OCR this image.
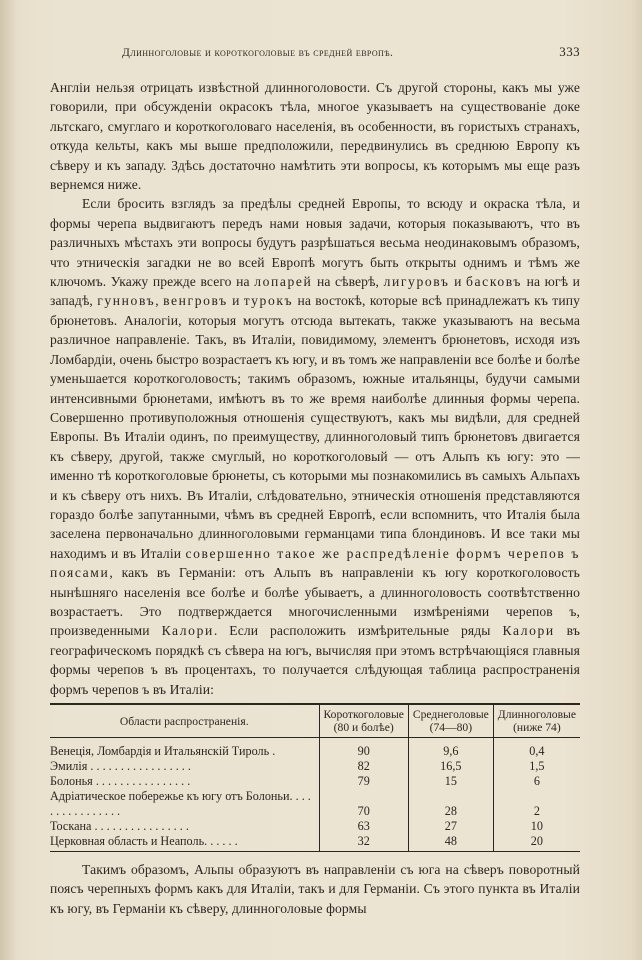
Длинноголовые и короткоголовые въ средней европѣ.	333

Англіи нельзя отрицать извѣстной длинноголовости. Съ другой стороны, какъ мы уже говорили, при обсужденіи окрасокъ тѣла, многое указываетъ на существованіе доке льтскаго, смуглаго и короткоголоваго населенія, въ особенности, въ гористыхъ странахъ, откуда кельты, какъ мы выше предположили, передвинулись въ среднюю Европу къ сѣверу и къ западу. Здѣсь достаточно намѣтить эти вопросы, къ которымъ мы еще разъ вернемся ниже.

Если бросить взглядъ за предѣлы средней Европы, то всюду и окраска тѣла, и формы черепа выдвигаютъ передъ нами новыя задачи, которыя показываютъ, что въ различныхъ мѣстахъ эти вопросы будутъ разрѣшаться весьма неодинаковымъ образомъ, что этническія загадки не во всей Европѣ могутъ быть открыты однимъ и тѣмъ же ключомъ. Укажу прежде всего на лопарей на сѣверѣ, лигуровъ и басковъ на югѣ и западѣ, гунновъ, венгровъ и турокъ на востокѣ, которые всѣ принадлежатъ къ типу брюнетовъ. Аналогіи, которыя могутъ отсюда вытекать, также указываютъ на весьма различное направленіе. Такъ, въ Италіи, повидимому, элементъ брюнетовъ, исходя изъ Ломбардіи, очень быстро возрастаетъ къ югу, и въ томъ же направленіи все болѣе и болѣе уменьшается короткоголовость; такимъ образомъ, южные итальянцы, будучи самыми интенсивными брюнетами, имѣютъ въ то же время наиболѣе длинныя формы черепа. Совершенно противуположныя отношенія существуютъ, какъ мы видѣли, для средней Европы. Въ Италіи одинъ, по преимуществу, длинноголовый типъ брюнетовъ двигается къ сѣверу, другой, также смуглый, но короткоголовый — отъ Альпъ къ югу: это — именно тѣ короткоголовые брюнеты, съ которыми мы познакомились въ самыхъ Альпахъ и къ сѣверу отъ нихъ. Въ Италіи, слѣдовательно, этническія отношенія представляются гораздо болѣе запутанными, чѣмъ въ средней Европѣ, если вспомнить, что Италія была заселена первоначально длинноголовыми германцами типа блондиновъ. И все таки мы находимъ и въ Италіи совершенно такое же распредѣленіе формъ черепов ъ поясами, какъ въ Германіи: отъ Альпъ въ направленіи къ югу короткоголовость нынѣшняго населенія все болѣе и болѣе убываетъ, а длинноголовость соотвѣтственно возрастаетъ. Это подтверждается многочисленными измѣреніями черепов ъ, произведенными Калори. Если расположить измѣрительные ряды Калори въ географическомъ порядкѣ съ сѣвера на югъ, вычисляя при этомъ встрѣчающіяся главныя формы черепов ъ въ процентахъ, то получается слѣдующая таблица распространенія формъ черепов ъ въ Италіи:

Области распространенія.	Короткоголовые (80 и болѣе)	Среднеголовые (74—80)	Длинноголовые (ниже 74)
Венеція, Ломбардія и Итальянскій Тироль .	90	9,6	0,4
Эмилія . . . . . . . . . . . . . . . . .	82	16,5	1,5
Болонья . . . . . . . . . . . . . . . .	79	15	6
Адріатическое побережье къ югу отъ Болоньи. . . . . . . . . . . . . . . .	70	28	2
Тоскана . . . . . . . . . . . . . . . .	63	27	10
Церковная область и Неаполь. . . . . .	32	48	20

Такимъ образомъ, Альпы образуютъ въ направленіи съ юга на сѣверъ поворотный поясъ черепныхъ формъ какъ для Италіи, такъ и для Германіи. Съ этого пункта въ Италіи къ югу, въ Германіи къ сѣверу, длинноголовые формы
